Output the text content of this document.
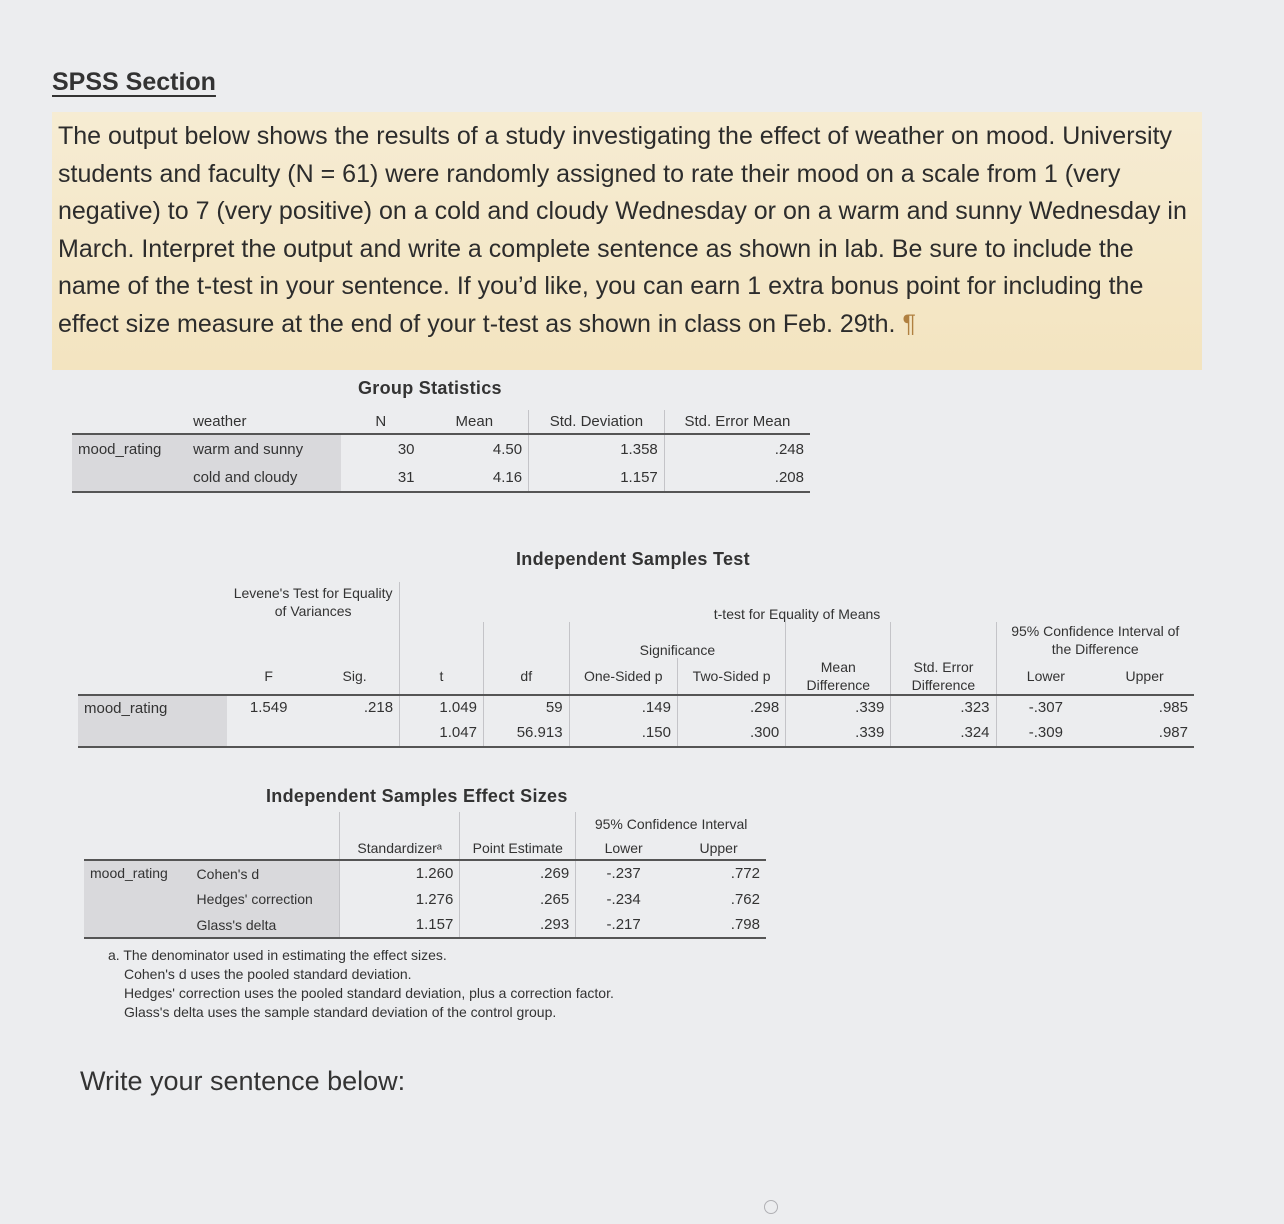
SPSS Section

The output below shows the results of a study investigating the effect of weather on mood. University students and faculty (N = 61) were randomly assigned to rate their mood on a scale from 1 (very negative) to 7 (very positive) on a cold and cloudy Wednesday or on a warm and sunny Wednesday in March. Interpret the output and write a complete sentence as shown in lab. Be sure to include the name of the t-test in your sentence. If you’d like, you can earn 1 extra bonus point for including the effect size measure at the end of your t-test as shown in class on Feb. 29th. ¶

Group Statistics
	weather	N	Mean	Std. Deviation	Std. Error Mean
mood_rating	warm and sunny	30	4.50	1.358	.248
	cold and cloudy	31	4.16	1.157	.208
Independent Samples Test
	Levene's Test for Equality of Variances		t-test for Equality of Means							
					Significance				95% Confidence Interval of the Difference	
	F	Sig.	t	df	One-Sided p	Two-Sided p	Mean Difference	Std. Error Difference	Lower	Upper
mood_rating	1.549	.218	1.049	59	.149	.298	.339	.323	-.307	.985
			1.047	56.913	.150	.300	.339	.324	-.309	.987
Independent Samples Effect Sizes
				95% Confidence Interval	
		Standardizerᵃ	Point Estimate	Lower	Upper
mood_rating	Cohen's d	1.260	.269	-.237	.772
	Hedges' correction	1.276	.265	-.234	.762
	Glass's delta	1.157	.293	-.217	.798
a. The denominator used in estimating the effect sizes.
Cohen's d uses the pooled standard deviation.
Hedges' correction uses the pooled standard deviation, plus a correction factor.
Glass's delta uses the sample standard deviation of the control group.
Write your sentence below:
